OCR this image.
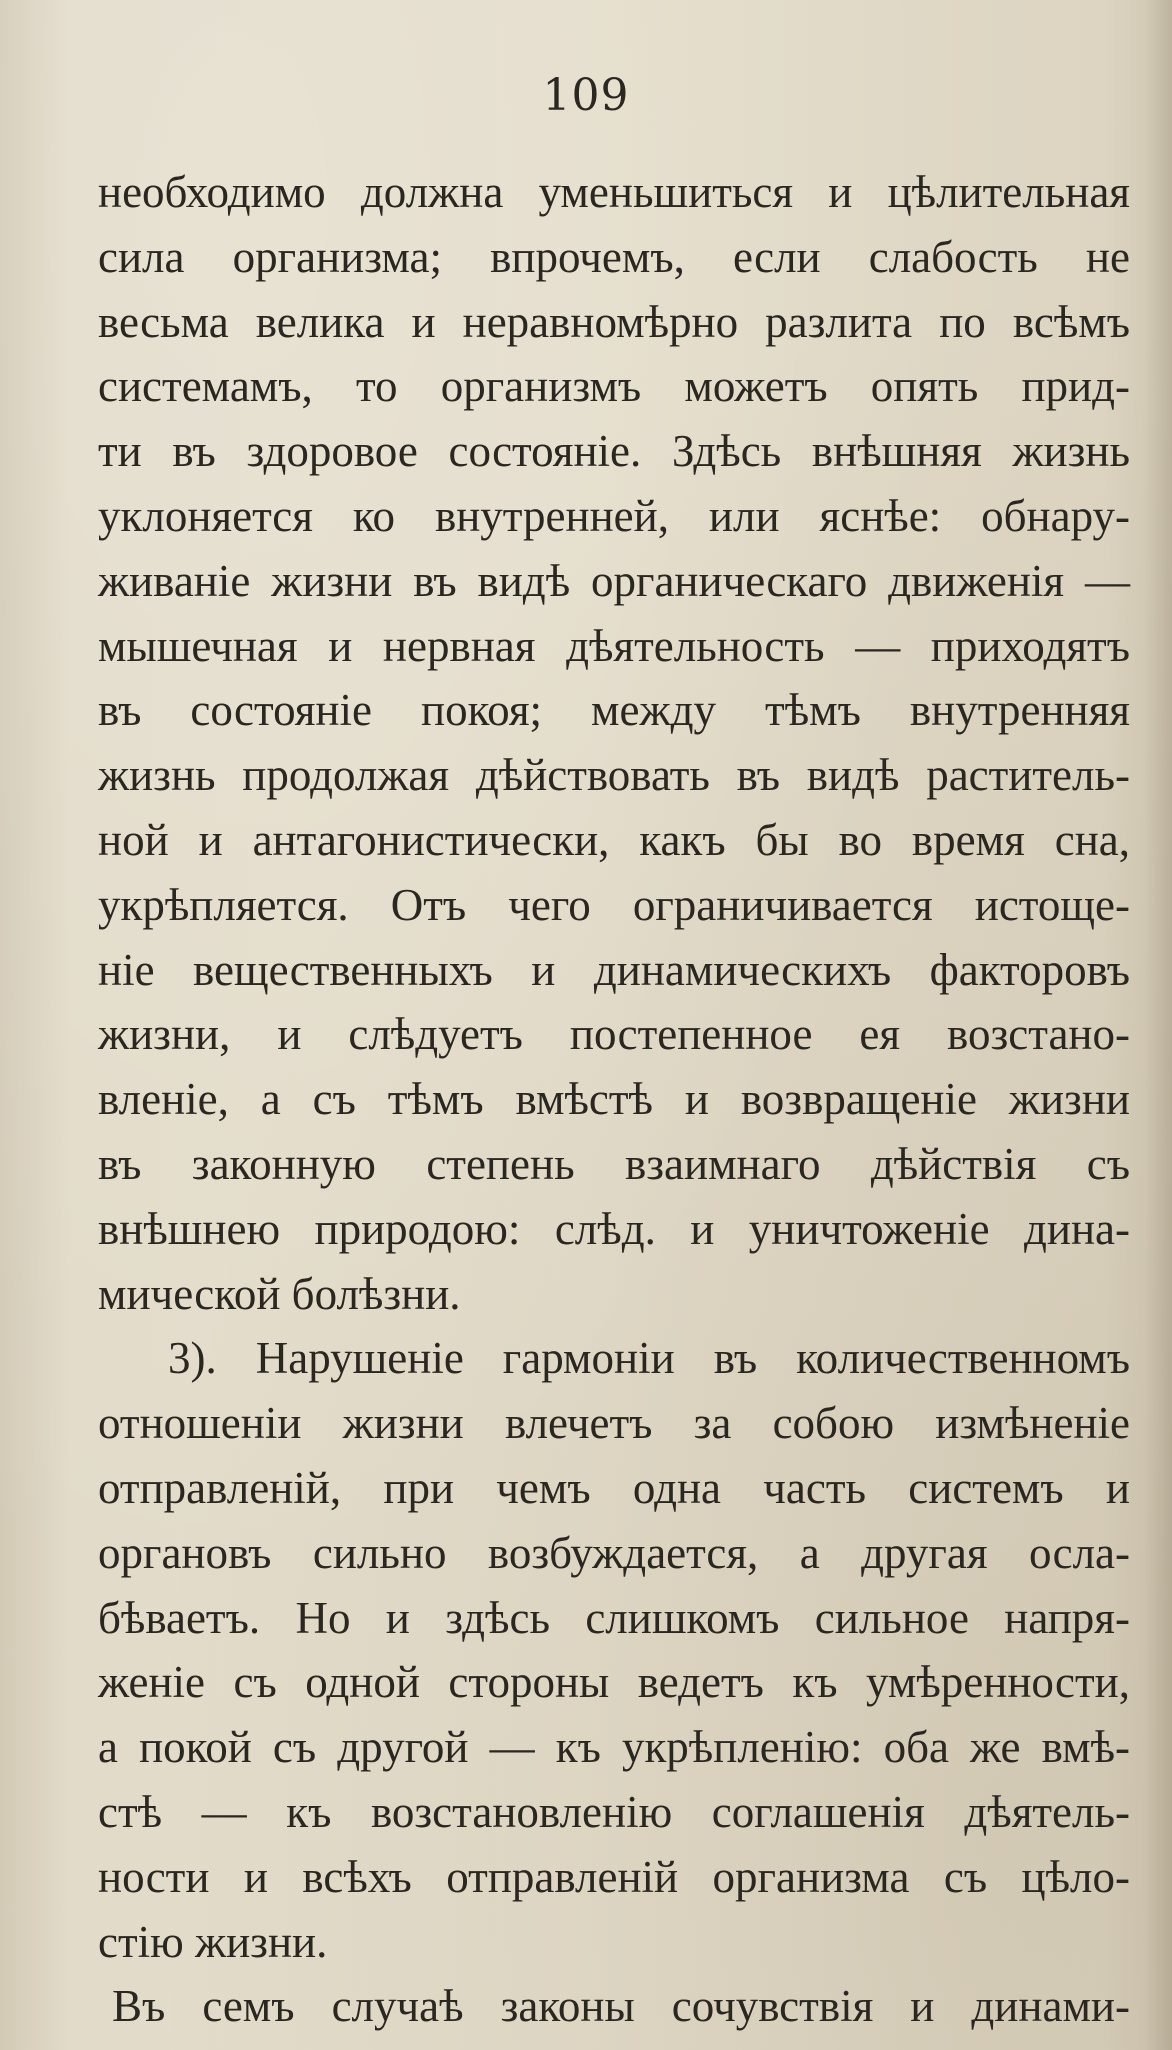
109
необходимо должна уменьшиться и цѣлительная
сила организма; впрочемъ, если слабость не
весьма велика и неравномѣрно разлита по всѣмъ
системамъ, то организмъ можетъ опять прид-
ти въ здоровое состояніе. Здѣсь внѣшняя жизнь
уклоняется ко внутренней, или яснѣе: обнару-
живаніе жизни въ видѣ органическаго движенія —
мышечная и нервная дѣятельность — приходятъ
въ состояніе покоя; между тѣмъ внутренняя
жизнь продолжая дѣйствовать въ видѣ раститель-
ной и антагонистически, какъ бы во время сна,
укрѣпляется. Отъ чего ограничивается истоще-
ніе вещественныхъ и динамическихъ факторовъ
жизни, и слѣдуетъ постепенное ея возстано-
вленіе, а съ тѣмъ вмѣстѣ и возвращеніе жизни
въ законную степень взаимнаго дѣйствія съ
внѣшнею природою: слѣд. и уничтоженіе дина-
мической болѣзни.
3). Нарушеніе гармоніи въ количественномъ
отношеніи жизни влечетъ за собою измѣненіе
отправленій, при чемъ одна часть системъ и
органовъ сильно возбуждается, а другая осла-
бѣваетъ. Но и здѣсь слишкомъ сильное напря-
женіе съ одной стороны ведетъ къ умѣренности,
а покой съ другой — къ укрѣпленію: оба же вмѣ-
стѣ — къ возстановленію соглашенія дѣятель-
ности и всѣхъ отправленій организма съ цѣло-
стію жизни.
Въ семъ случаѣ законы сочувствія и динами-
